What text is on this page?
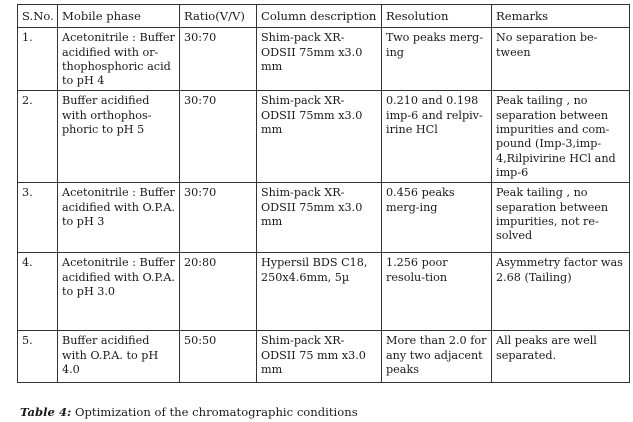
S.No.	Mobile phase	Ratio(V/V)	Column description	Resolution	Remarks
1.	Acetonitrile : Buffer acidified with or-thophosphoric acid to pH 4	30:70	Shim-pack XR-ODSII 75mm x3.0 mm	Two peaks merg-ing	No separation be-tween
2.	Buffer acidified with orthophos-phoric to pH 5	30:70	Shim-pack XR-ODSII 75mm x3.0 mm	0.210 and 0.198 imp-6 and relpiv-irine HCl	Peak tailing , no separation between impurities and com-pound (Imp-3,imp-4,Rilpivirine HCl and imp-6
3.	Acetonitrile : Buffer acidified with O.P.A. to pH 3	30:70	Shim-pack XR-ODSII 75mm x3.0 mm	0.456 peaks merg-ing	Peak tailing , no separation between impurities, not re-solved
4.	Acetonitrile : Buffer acidified with O.P.A. to pH 3.0	20:80	Hypersil BDS C18, 250x4.6mm, 5µ	1.256 poor resolu-tion	Asymmetry factor was 2.68 (Tailing)
5.	Buffer acidified with O.P.A. to pH 4.0	50:50	Shim-pack XR-ODSII 75 mm x3.0 mm	More than 2.0 for any two adjacent peaks	All peaks are well separated.
Table 4: Optimization of the chromatographic conditions
